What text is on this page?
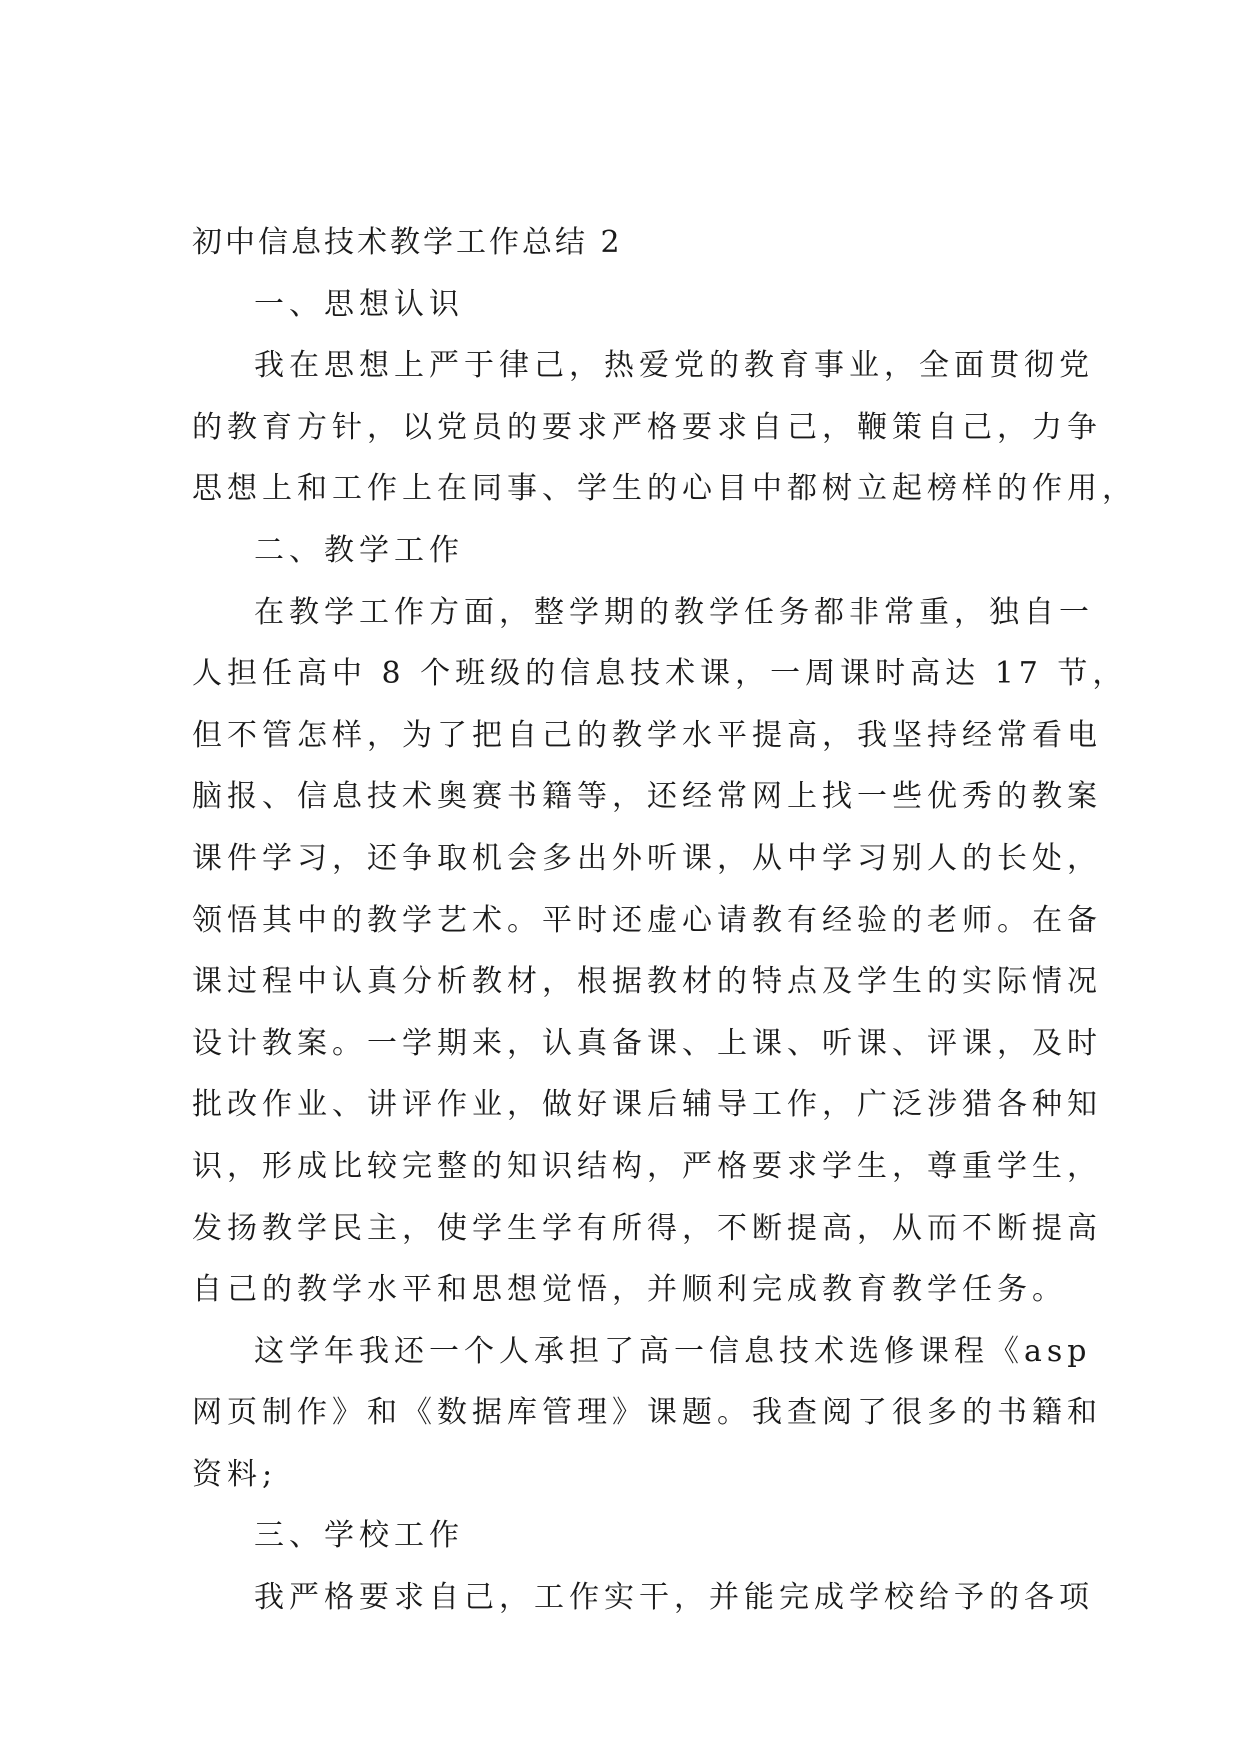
初中信息技术教学工作总结 2
一、思想认识
我在思想上严于律己，热爱党的教育事业，全面贯彻党
的教育方针，以党员的要求严格要求自己，鞭策自己，力争
思想上和工作上在同事、学生的心目中都树立起榜样的作用，
二、教学工作
在教学工作方面，整学期的教学任务都非常重，独自一
人担任高中 8 个班级的信息技术课，一周课时高达 17 节，
但不管怎样，为了把自己的教学水平提高，我坚持经常看电
脑报、信息技术奥赛书籍等，还经常网上找一些优秀的教案
课件学习，还争取机会多出外听课，从中学习别人的长处，
领悟其中的教学艺术。平时还虚心请教有经验的老师。在备
课过程中认真分析教材，根据教材的特点及学生的实际情况
设计教案。一学期来，认真备课、上课、听课、评课，及时
批改作业、讲评作业，做好课后辅导工作，广泛涉猎各种知
识，形成比较完整的知识结构，严格要求学生，尊重学生，
发扬教学民主，使学生学有所得，不断提高，从而不断提高
自己的教学水平和思想觉悟，并顺利完成教育教学任务。
这学年我还一个人承担了高一信息技术选修课程《asp
网页制作》和《数据库管理》课题。我查阅了很多的书籍和
资料;
三、学校工作
我严格要求自己，工作实干，并能完成学校给予的各项
